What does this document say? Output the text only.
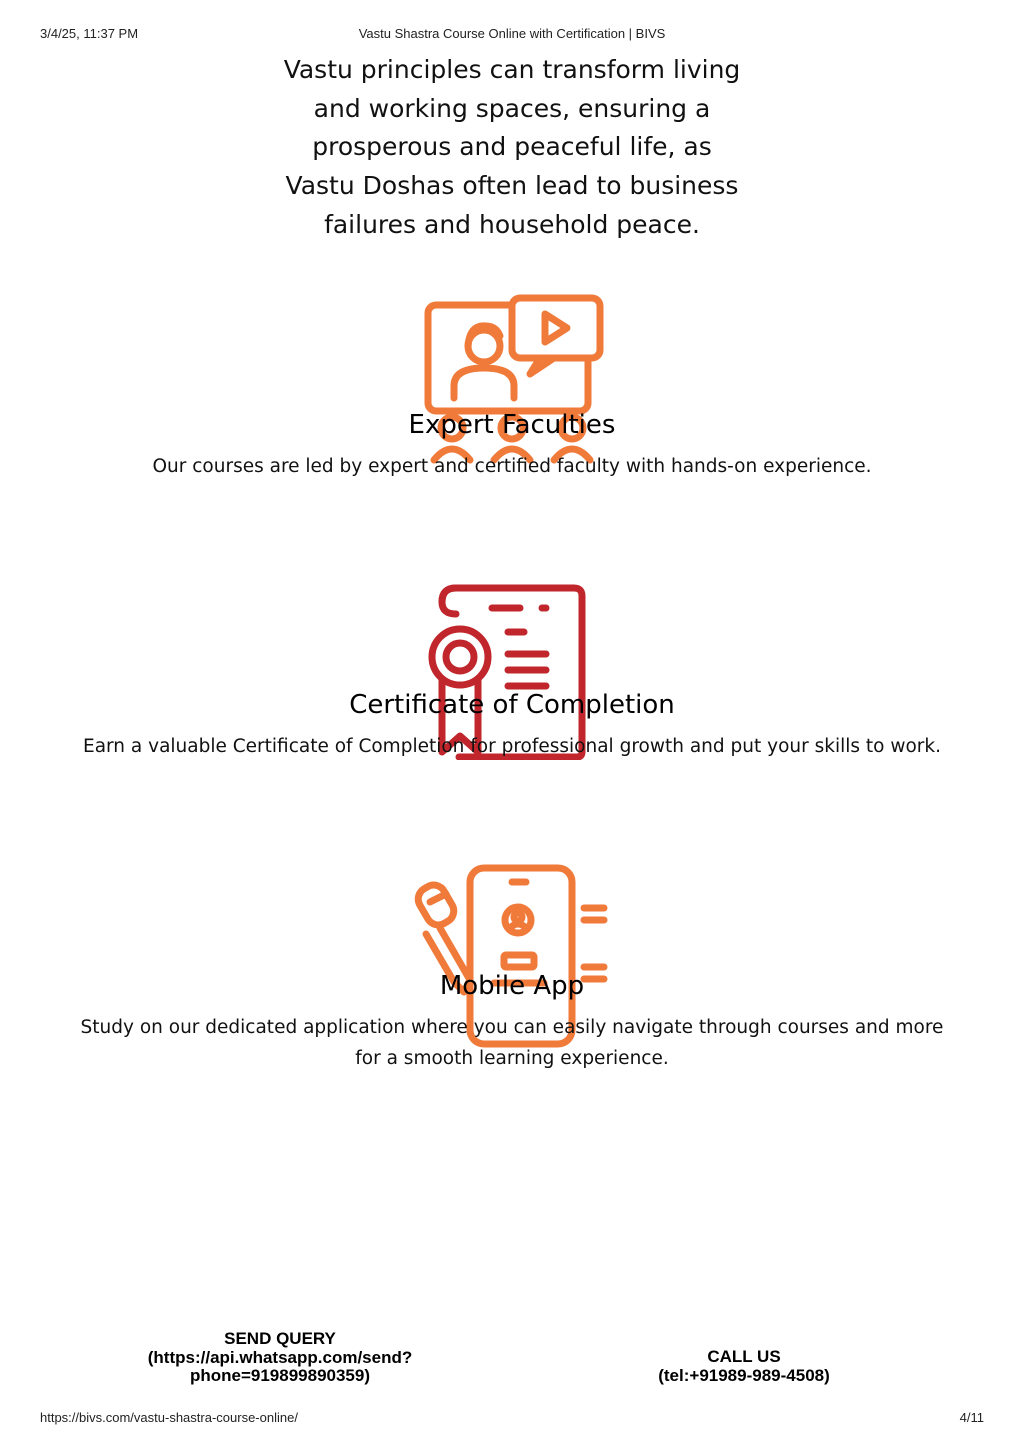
3/4/25, 11:37 PM	Vastu Shastra Course Online with Certification | BIVS
Vastu principles can transform living
and working spaces, ensuring a
prosperous and peaceful life, as
Vastu Doshas often lead to business
failures and household peace.
Expert Faculties
Our courses are led by expert and certified faculty with hands-on experience.
Certificate of Completion
Earn a valuable Certificate of Completion for professional growth and put your skills to work.
Mobile App
Study on our dedicated application where you can easily navigate through courses and more
for a smooth learning experience.
SEND QUERY
(https://api.whatsapp.com/send?
phone=919899890359)
CALL US
(tel:+91989-989-4508)
https://bivs.com/vastu-shastra-course-online/	4/11
